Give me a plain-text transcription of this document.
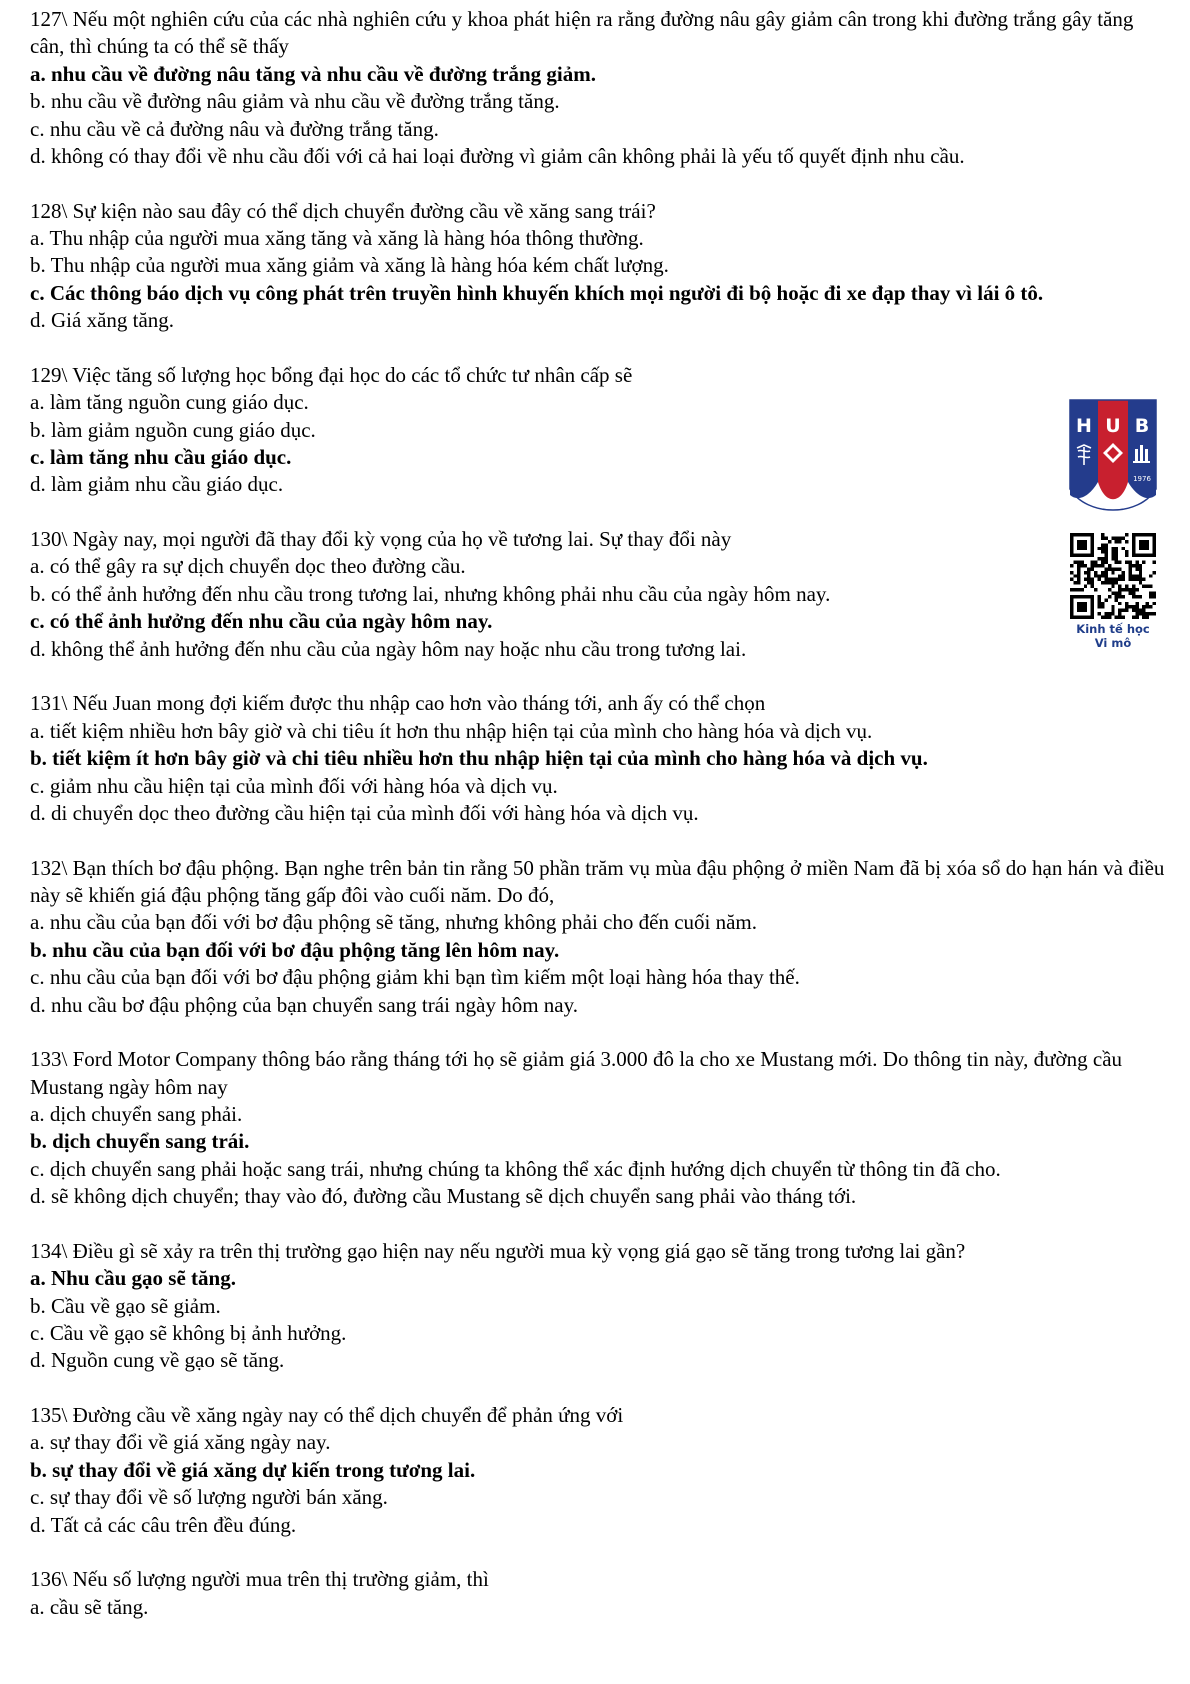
127\ Nếu một nghiên cứu của các nhà nghiên cứu y khoa phát hiện ra rằng đường nâu gây giảm cân trong khi đường trắng gây tăng cân, thì chúng ta có thể sẽ thấy

a. nhu cầu về đường nâu tăng và nhu cầu về đường trắng giảm.

b. nhu cầu về đường nâu giảm và nhu cầu về đường trắng tăng.

c. nhu cầu về cả đường nâu và đường trắng tăng.

d. không có thay đổi về nhu cầu đối với cả hai loại đường vì giảm cân không phải là yếu tố quyết định nhu cầu.

128\ Sự kiện nào sau đây có thể dịch chuyển đường cầu về xăng sang trái?

a. Thu nhập của người mua xăng tăng và xăng là hàng hóa thông thường.

b. Thu nhập của người mua xăng giảm và xăng là hàng hóa kém chất lượng.

c. Các thông báo dịch vụ công phát trên truyền hình khuyến khích mọi người đi bộ hoặc đi xe đạp thay vì lái ô tô.

d. Giá xăng tăng.

129\ Việc tăng số lượng học bổng đại học do các tổ chức tư nhân cấp sẽ

a. làm tăng nguồn cung giáo dục.

b. làm giảm nguồn cung giáo dục.

c. làm tăng nhu cầu giáo dục.

d. làm giảm nhu cầu giáo dục.

130\ Ngày nay, mọi người đã thay đổi kỳ vọng của họ về tương lai. Sự thay đổi này

a. có thể gây ra sự dịch chuyển dọc theo đường cầu.

b. có thể ảnh hưởng đến nhu cầu trong tương lai, nhưng không phải nhu cầu của ngày hôm nay.

c. có thể ảnh hưởng đến nhu cầu của ngày hôm nay.

d. không thể ảnh hưởng đến nhu cầu của ngày hôm nay hoặc nhu cầu trong tương lai.

131\ Nếu Juan mong đợi kiếm được thu nhập cao hơn vào tháng tới, anh ấy có thể chọn

a. tiết kiệm nhiều hơn bây giờ và chi tiêu ít hơn thu nhập hiện tại của mình cho hàng hóa và dịch vụ.

b. tiết kiệm ít hơn bây giờ và chi tiêu nhiều hơn thu nhập hiện tại của mình cho hàng hóa và dịch vụ.

c. giảm nhu cầu hiện tại của mình đối với hàng hóa và dịch vụ.

d. di chuyển dọc theo đường cầu hiện tại của mình đối với hàng hóa và dịch vụ.

132\ Bạn thích bơ đậu phộng. Bạn nghe trên bản tin rằng 50 phần trăm vụ mùa đậu phộng ở miền Nam đã bị xóa sổ do hạn hán và điều này sẽ khiến giá đậu phộng tăng gấp đôi vào cuối năm. Do đó,

a. nhu cầu của bạn đối với bơ đậu phộng sẽ tăng, nhưng không phải cho đến cuối năm.

b. nhu cầu của bạn đối với bơ đậu phộng tăng lên hôm nay.

c. nhu cầu của bạn đối với bơ đậu phộng giảm khi bạn tìm kiếm một loại hàng hóa thay thế.

d. nhu cầu bơ đậu phộng của bạn chuyển sang trái ngày hôm nay.

133\ Ford Motor Company thông báo rằng tháng tới họ sẽ giảm giá 3.000 đô la cho xe Mustang mới. Do thông tin này, đường cầu Mustang ngày hôm nay

a. dịch chuyển sang phải.

b. dịch chuyển sang trái.

c. dịch chuyển sang phải hoặc sang trái, nhưng chúng ta không thể xác định hướng dịch chuyển từ thông tin đã cho.

d. sẽ không dịch chuyển; thay vào đó, đường cầu Mustang sẽ dịch chuyển sang phải vào tháng tới.

134\ Điều gì sẽ xảy ra trên thị trường gạo hiện nay nếu người mua kỳ vọng giá gạo sẽ tăng trong tương lai gần?

a. Nhu cầu gạo sẽ tăng.

b. Cầu về gạo sẽ giảm.

c. Cầu về gạo sẽ không bị ảnh hưởng.

d. Nguồn cung về gạo sẽ tăng.

135\ Đường cầu về xăng ngày nay có thể dịch chuyển để phản ứng với

a. sự thay đổi về giá xăng ngày nay.

b. sự thay đổi về giá xăng dự kiến trong tương lai.

c. sự thay đổi về số lượng người bán xăng.

d. Tất cả các câu trên đều đúng.

136\ Nếu số lượng người mua trên thị trường giảm, thì

a. cầu sẽ tăng.

H U B
1976
Kinh tế học
Vi mô
